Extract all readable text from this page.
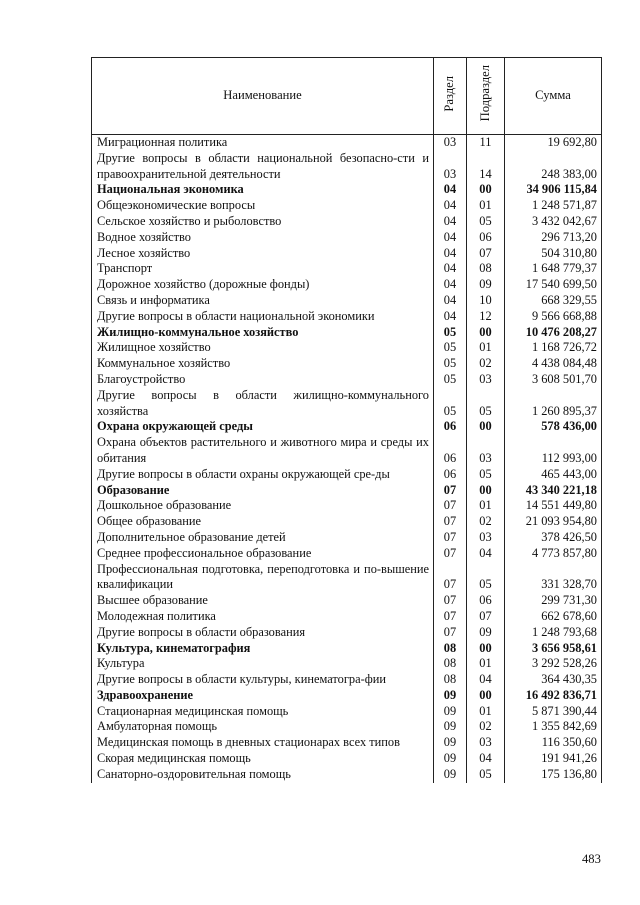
Наименование	Раздел	Подраздел	Сумма
Миграционная политика	03	11	19 692,80
Другие вопросы в области национальной безопасно-сти и правоохранительной деятельности	03	14	248 383,00
Национальная экономика	04	00	34 906 115,84
Общеэкономические вопросы	04	01	1 248 571,87
Сельское хозяйство и рыболовство	04	05	3 432 042,67
Водное хозяйство	04	06	296 713,20
Лесное хозяйство	04	07	504 310,80
Транспорт	04	08	1 648 779,37
Дорожное хозяйство (дорожные фонды)	04	09	17 540 699,50
Связь и информатика	04	10	668 329,55
Другие вопросы в области национальной экономики	04	12	9 566 668,88
Жилищно-коммунальное хозяйство	05	00	10 476 208,27
Жилищное хозяйство	05	01	1 168 726,72
Коммунальное хозяйство	05	02	4 438 084,48
Благоустройство	05	03	3 608 501,70
Другие вопросы в области жилищно-коммунального хозяйства	05	05	1 260 895,37
Охрана окружающей среды	06	00	578 436,00
Охрана объектов растительного и животного мира и среды их обитания	06	03	112 993,00
Другие вопросы в области охраны окружающей сре-ды	06	05	465 443,00
Образование	07	00	43 340 221,18
Дошкольное образование	07	01	14 551 449,80
Общее образование	07	02	21 093 954,80
Дополнительное образование детей	07	03	378 426,50
Среднее профессиональное образование	07	04	4 773 857,80
Профессиональная подготовка, переподготовка и по-вышение квалификации	07	05	331 328,70
Высшее образование	07	06	299 731,30
Молодежная политика	07	07	662 678,60
Другие вопросы в области образования	07	09	1 248 793,68
Культура, кинематография	08	00	3 656 958,61
Культура	08	01	3 292 528,26
Другие вопросы в области культуры, кинематогра-фии	08	04	364 430,35
Здравоохранение	09	00	16 492 836,71
Стационарная медицинская помощь	09	01	5 871 390,44
Амбулаторная помощь	09	02	1 355 842,69
Медицинская помощь в дневных стационарах всех типов	09	03	116 350,60
Скорая медицинская помощь	09	04	191 941,26
Санаторно-оздоровительная помощь	09	05	175 136,80
483
